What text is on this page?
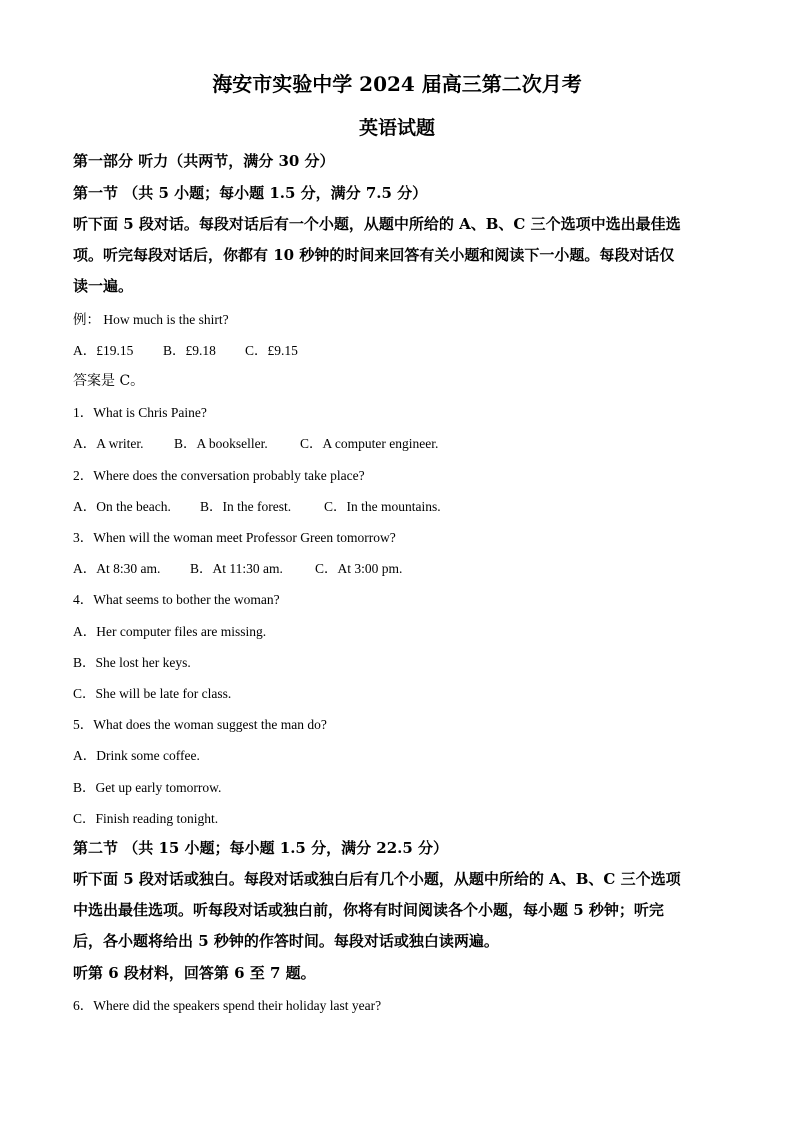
海安市实验中学 2024 届高三第二次月考
英语试题
第一部分 听力（共两节，满分 30 分）
第一节 （共 5 小题；每小题 1.5 分，满分 7.5 分）
听下面 5 段对话。每段对话后有一个小题，从题中所给的 A、B、C 三个选项中选出最佳选
项。听完每段对话后，你都有 10 秒钟的时间来回答有关小题和阅读下一小题。每段对话仅
读一遍。
例： How much is the shirt?
A．£19.15 B．£9.18 C．£9.15
答案是 C。
1．What is Chris Paine?
A．A writer. B．A bookseller. C．A computer engineer.
2．Where does the conversation probably take place?
A．On the beach. B．In the forest. C．In the mountains.
3．When will the woman meet Professor Green tomorrow?
A．At 8:30 am. B．At 11:30 am. C．At 3:00 pm.
4．What seems to bother the woman?
A．Her computer files are missing.
B．She lost her keys.
C．She will be late for class.
5．What does the woman suggest the man do?
A．Drink some coffee.
B．Get up early tomorrow.
C．Finish reading tonight.
第二节 （共 15 小题；每小题 1.5 分，满分 22.5 分）
听下面 5 段对话或独白。每段对话或独白后有几个小题，从题中所给的 A、B、C 三个选项
中选出最佳选项。听每段对话或独白前，你将有时间阅读各个小题，每小题 5 秒钟；听完
后，各小题将给出 5 秒钟的作答时间。每段对话或独白读两遍。
听第 6 段材料，回答第 6 至 7 题。
6．Where did the speakers spend their holiday last year?
